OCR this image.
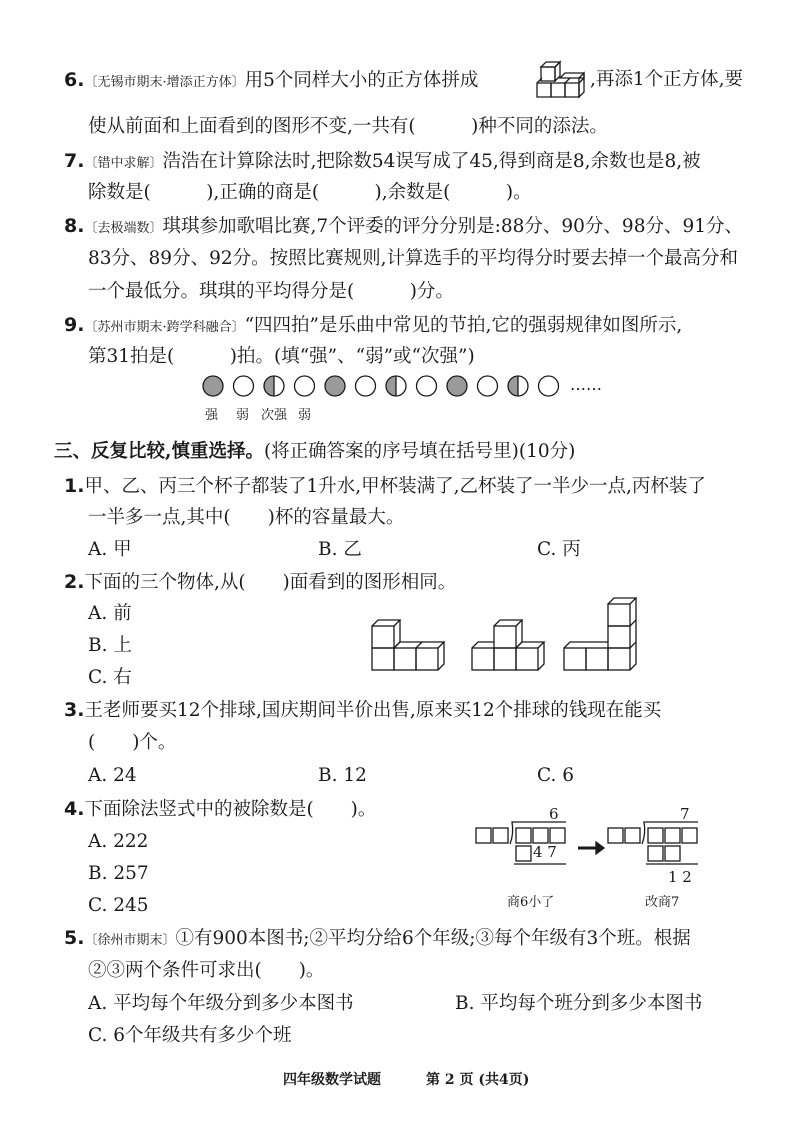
6.〔无锡市期末·增添正方体〕用5个同样大小的正方体拼成	,再添1个正方体,要
使从前面和上面看到的图形不变,一共有(　　　)种不同的添法。
7.〔错中求解〕浩浩在计算除法时,把除数54误写成了45,得到商是8,余数也是8,被
除数是(　　　),正确的商是(　　　),余数是(　　　)。
8.〔去极端数〕琪琪参加歌唱比赛,7个评委的评分分别是:88分、90分、98分、91分、
83分、89分、92分。按照比赛规则,计算选手的平均得分时要去掉一个最高分和
一个最低分。琪琪的平均得分是(　　　)分。
9.〔苏州市期末·跨学科融合〕“四四拍”是乐曲中常见的节拍,它的强弱规律如图所示,
第31拍是(　　　)拍。(填“强”、“弱”或“次强”)
……
强 弱 次强 弱
三、反复比较,慎重选择。(将正确答案的序号填在括号里)(10分)
1.甲、乙、丙三个杯子都装了1升水,甲杯装满了,乙杯装了一半少一点,丙杯装了
一半多一点,其中(　　)杯的容量最大。
A. 甲	B. 乙	C. 丙
2.下面的三个物体,从(　　)面看到的图形相同。
A. 前
B. 上
C. 右
3.王老师要买12个排球,国庆期间半价出售,原来买12个排球的钱现在能买
(　　)个。
A. 24	B. 12	C. 6
4.下面除法竖式中的被除数是(　　)。
A. 222
B. 257
C. 245
6
4 7
7
1 2
商6小了	改商7
5.〔徐州市期末〕①有900本图书;②平均分给6个年级;③每个年级有3个班。根据
②③两个条件可求出(　　)。
A. 平均每个年级分到多少本图书	B. 平均每个班分到多少本图书
C. 6个年级共有多少个班
四年级数学试题	第 2 页 (共4页)
